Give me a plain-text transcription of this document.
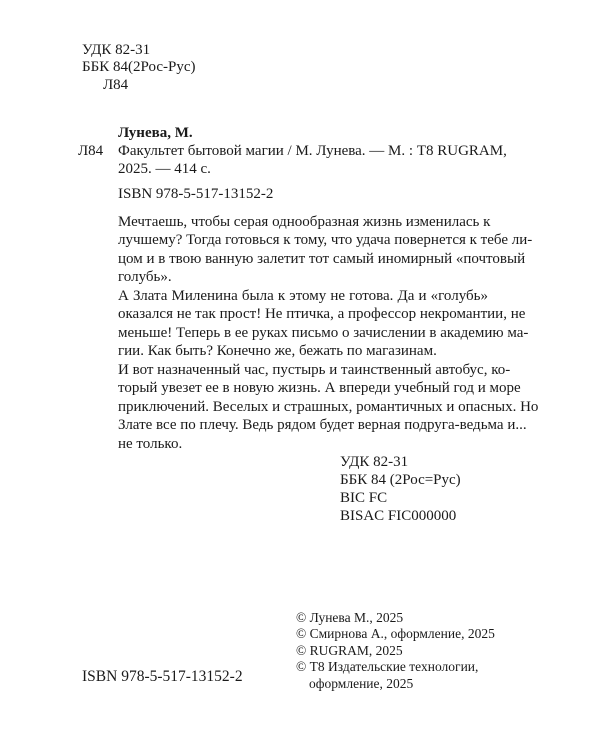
УДК 82-31
ББК 84(2Рос-Рус)
Л84
Лунева, М.
Л84 Факультет бытовой магии / М. Лунева. — М. : T8 RUGRAM,
2025. — 414 с.
ISBN 978-5-517-13152-2
Мечтаешь, чтобы серая однообразная жизнь изменилась к
лучшему? Тогда готовься к тому, что удача повернется к тебе ли-
цом и в твою ванную залетит тот самый иномирный «почтовый
голубь».
А Злата Миленина была к этому не готова. Да и «голубь»
оказался не так прост! Не птичка, а профессор некромантии, не
меньше! Теперь в ее руках письмо о зачислении в академию ма-
гии. Как быть? Конечно же, бежать по магазинам.
И вот назначенный час, пустырь и таинственный автобус, ко-
торый увезет ее в новую жизнь. А впереди учебный год и море
приключений. Веселых и страшных, романтичных и опасных. Но
Злате все по плечу. Ведь рядом будет верная подруга-ведьма и...
не только.
УДК 82-31
ББК 84 (2Рос=Рус)
BIC FC
BISAC FIC000000
© Лунева М., 2025
© Смирнова А., оформление, 2025
© RUGRAM, 2025
© Т8 Издательские технологии,
оформление, 2025
ISBN 978-5-517-13152-2
